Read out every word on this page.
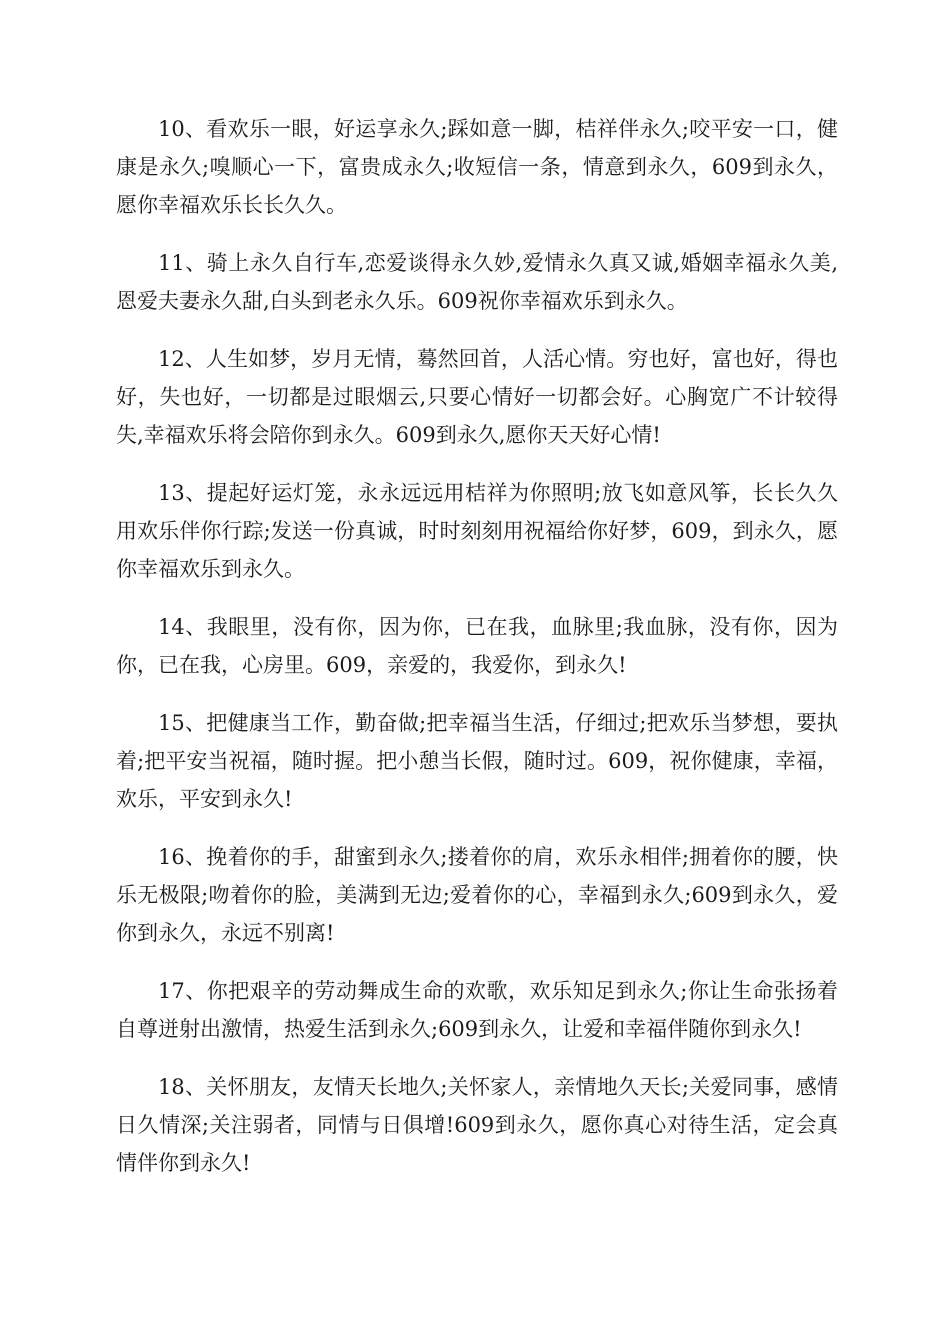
10、看欢乐一眼，好运享永久;踩如意一脚，桔祥伴永久;咬平安一口，健康是永久;嗅顺心一下，富贵成永久;收短信一条，情意到永久，609到永久，愿你幸福欢乐长长久久。

11、骑上永久自行车,恋爱谈得永久妙,爱情永久真又诚,婚姻幸福永久美,恩爱夫妻永久甜,白头到老永久乐。609祝你幸福欢乐到永久。

12、人生如梦，岁月无情，蓦然回首，人活心情。穷也好，富也好，得也好，失也好，一切都是过眼烟云,只要心情好一切都会好。心胸宽广不计较得失,幸福欢乐将会陪你到永久。609到永久,愿你天天好心情!

13、提起好运灯笼，永永远远用桔祥为你照明;放飞如意风筝，长长久久用欢乐伴你行踪;发送一份真诚，时时刻刻用祝福给你好梦，609，到永久，愿你幸福欢乐到永久。

14、我眼里，没有你，因为你，已在我，血脉里;我血脉，没有你，因为你，已在我，心房里。609，亲爱的，我爱你，到永久!

15、把健康当工作，勤奋做;把幸福当生活，仔细过;把欢乐当梦想，要执着;把平安当祝福，随时握。把小憩当长假，随时过。609，祝你健康，幸福，欢乐，平安到永久!

16、挽着你的手，甜蜜到永久;搂着你的肩，欢乐永相伴;拥着你的腰，快乐无极限;吻着你的脸，美满到无边;爱着你的心，幸福到永久;609到永久，爱你到永久，永远不别离!

17、你把艰辛的劳动舞成生命的欢歌，欢乐知足到永久;你让生命张扬着自尊迸射出激情，热爱生活到永久;609到永久，让爱和幸福伴随你到永久!

18、关怀朋友，友情天长地久;关怀家人，亲情地久天长;关爱同事，感情日久情深;关注弱者，同情与日俱增!609到永久，愿你真心对待生活，定会真情伴你到永久!
